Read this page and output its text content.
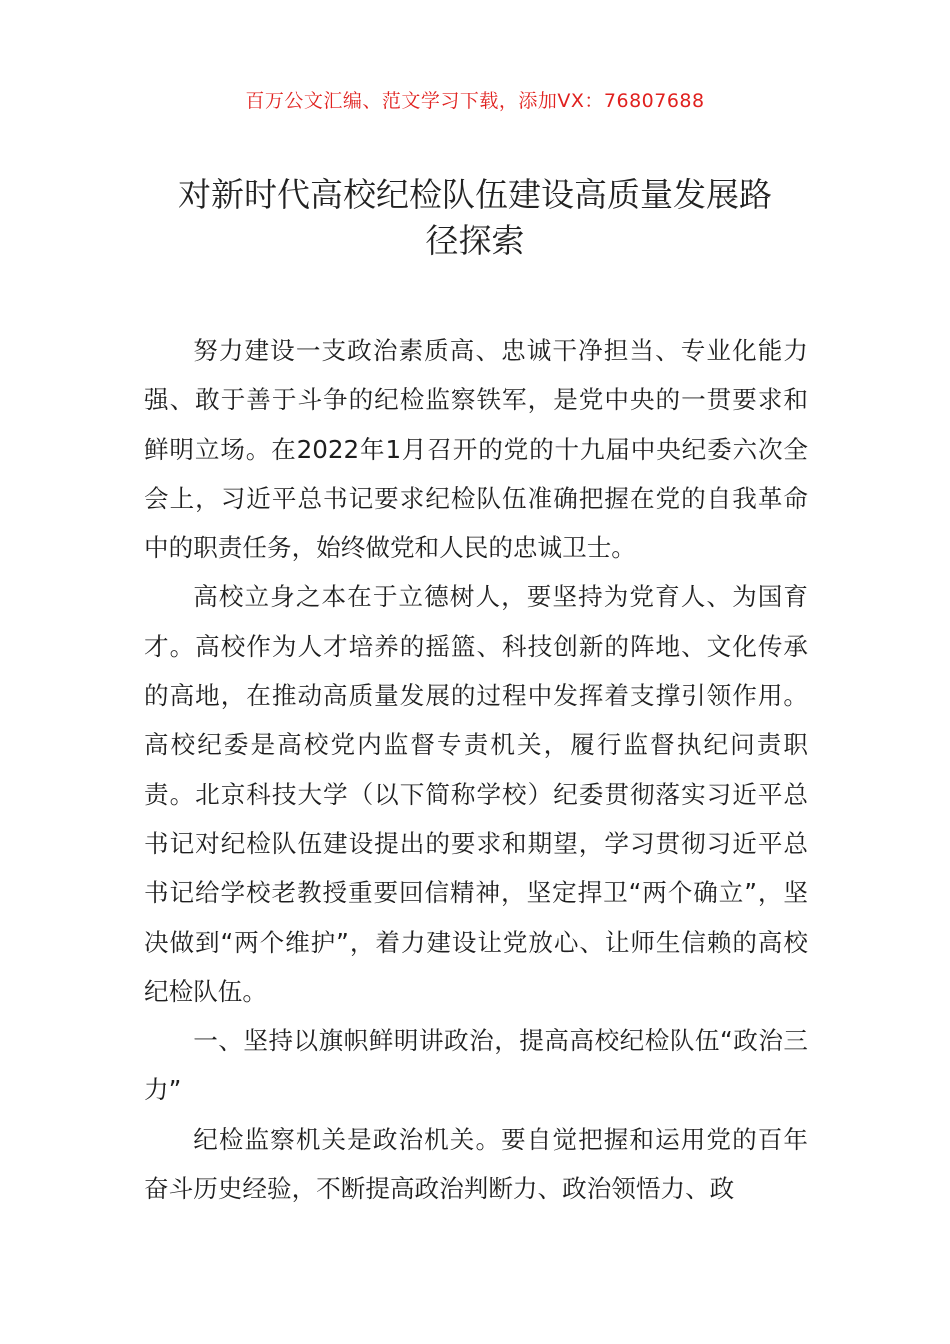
百万公文汇编、范文学习下载，添加VX：76807688
对新时代高校纪检队伍建设高质量发展路
径探索

努力建设一支政治素质高、忠诚干净担当、专业化能力强、敢于善于斗争的纪检监察铁军，是党中央的一贯要求和鲜明立场。在2022年1月召开的党的十九届中央纪委六次全会上，习近平总书记要求纪检队伍准确把握在党的自我革命中的职责任务，始终做党和人民的忠诚卫士。

高校立身之本在于立德树人，要坚持为党育人、为国育才。高校作为人才培养的摇篮、科技创新的阵地、文化传承的高地，在推动高质量发展的过程中发挥着支撑引领作用。高校纪委是高校党内监督专责机关，履行监督执纪问责职责。北京科技大学（以下简称学校）纪委贯彻落实习近平总书记对纪检队伍建设提出的要求和期望，学习贯彻习近平总书记给学校老教授重要回信精神，坚定捍卫“两个确立”，坚决做到“两个维护”，着力建设让党放心、让师生信赖的高校纪检队伍。

一、坚持以旗帜鲜明讲政治，提高高校纪检队伍“政治三力”

纪检监察机关是政治机关。要自觉把握和运用党的百年奋斗历史经验，不断提高政治判断力、政治领悟力、政
